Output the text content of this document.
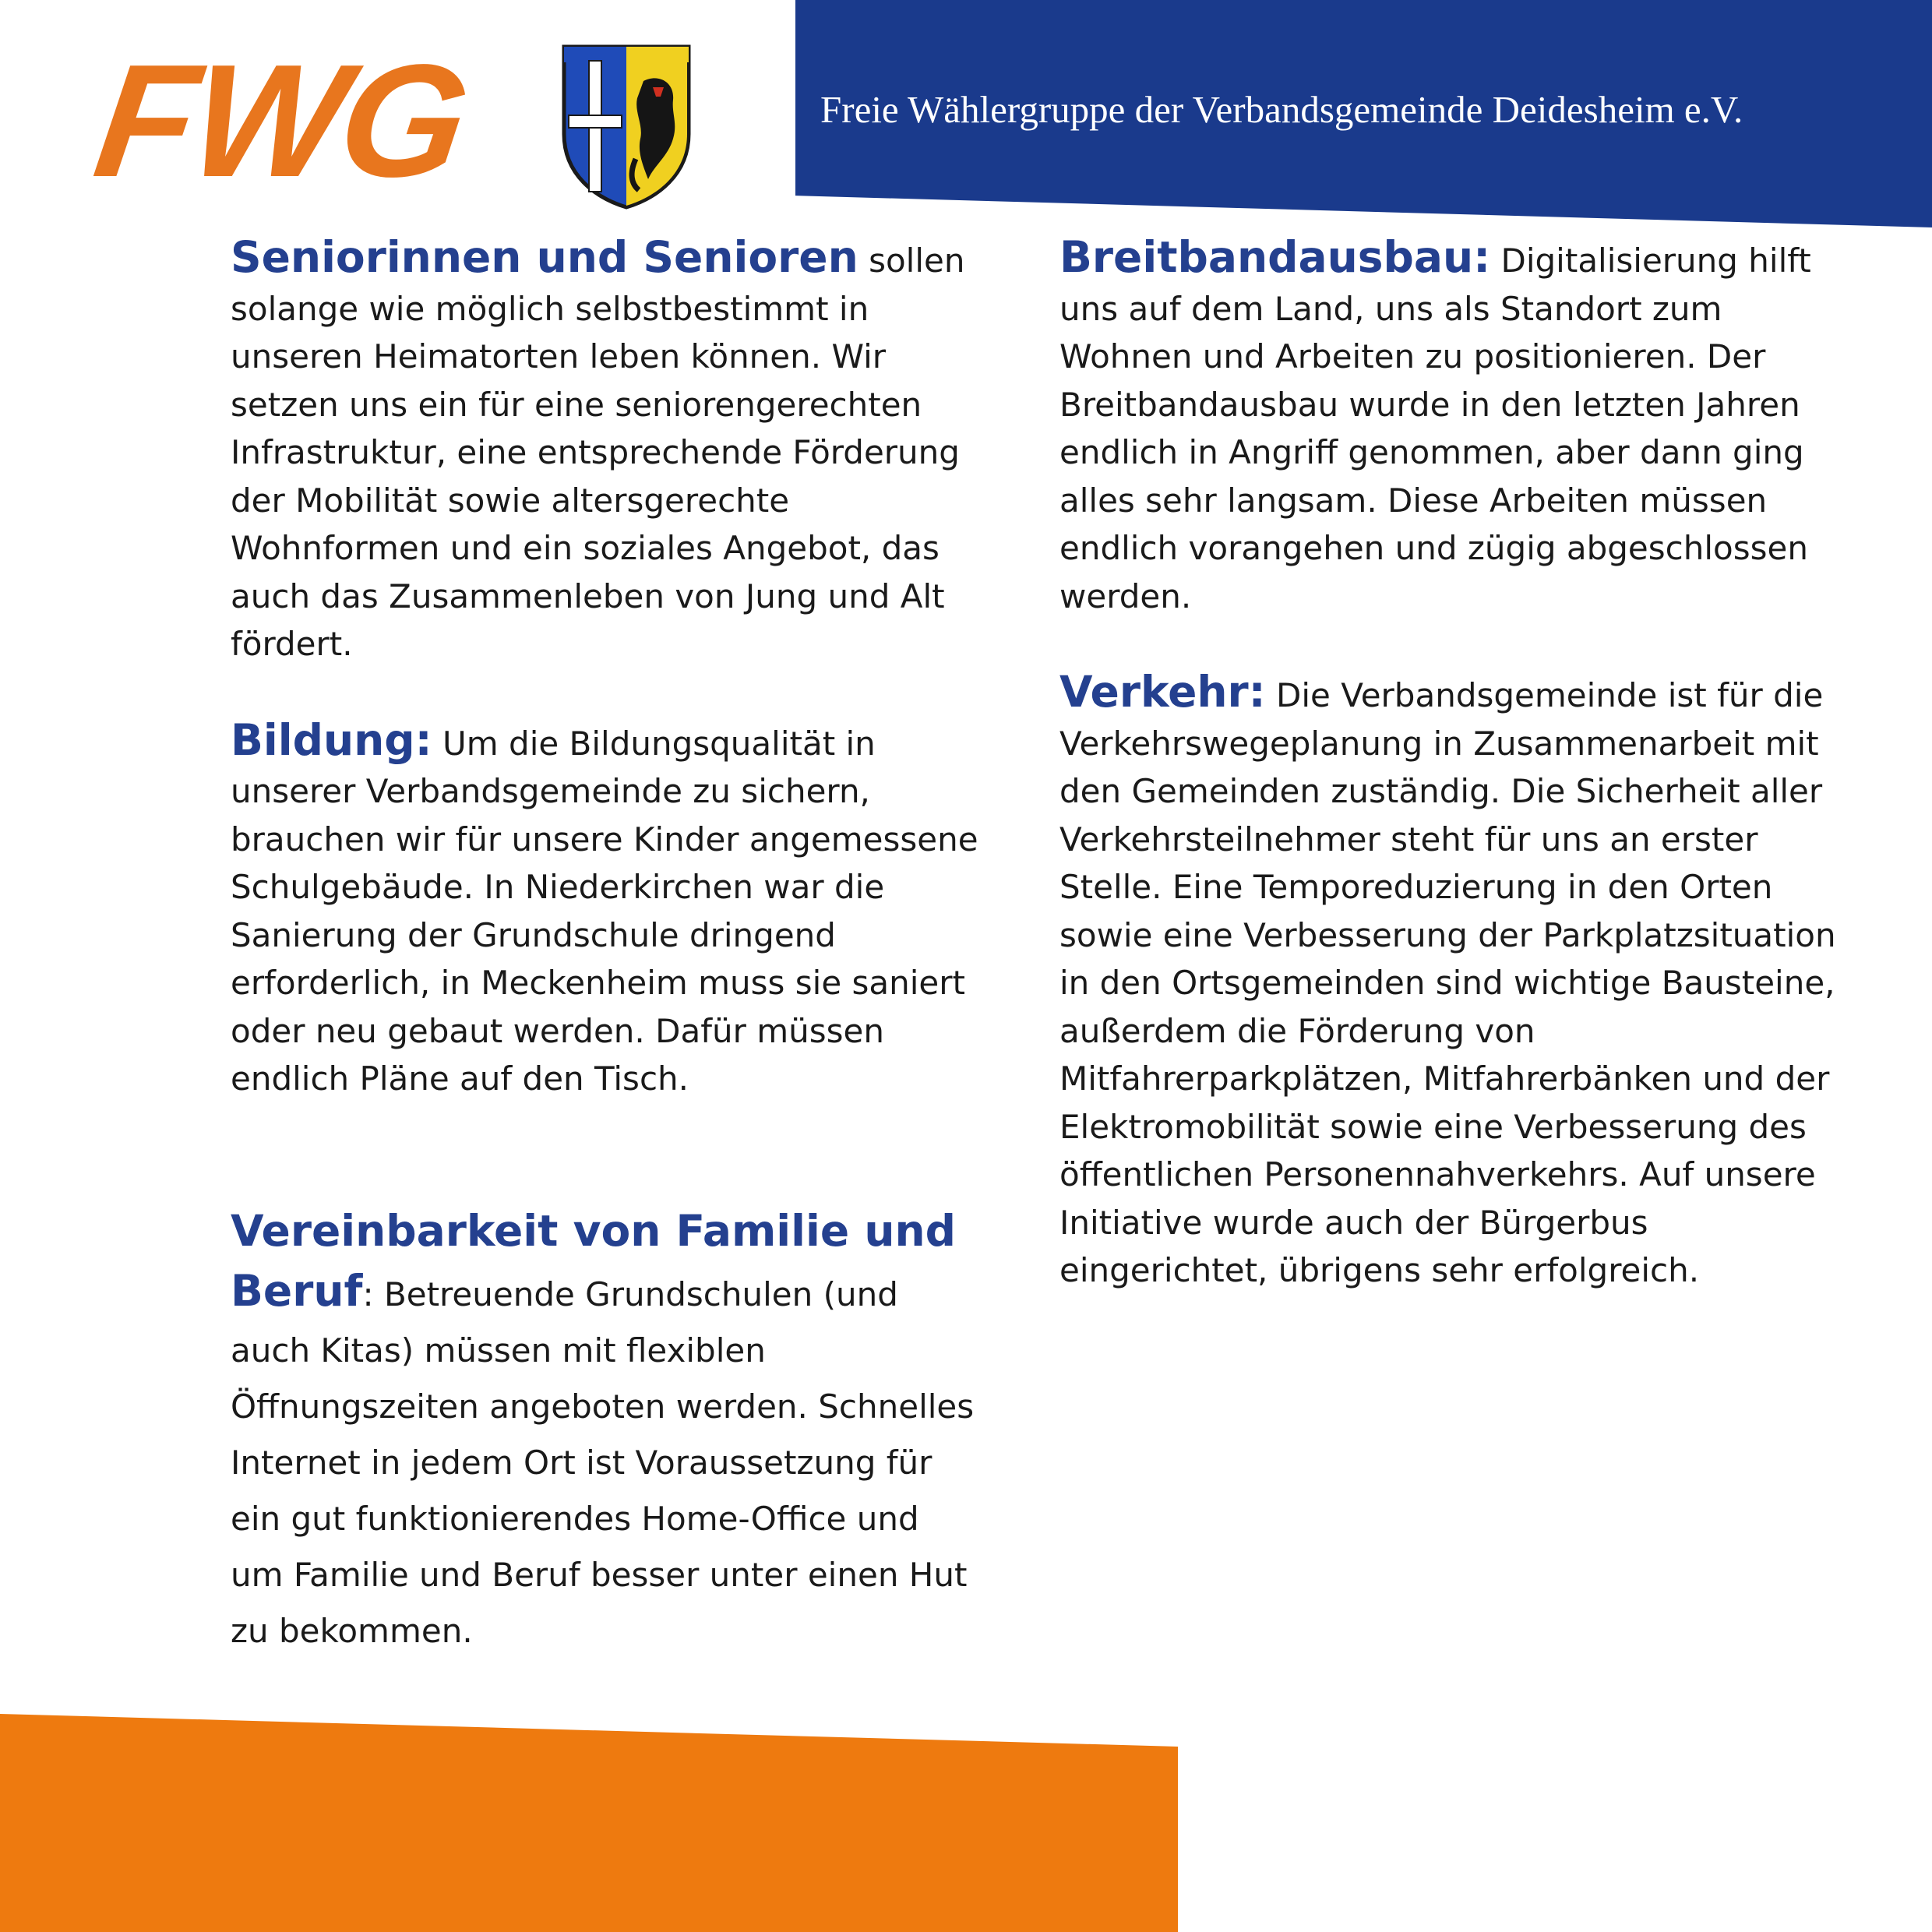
Freie Wählergruppe der Verbandsgemeinde Deidesheim e.V.
FWG

Seniorinnen und Senioren sollen solange wie möglich selbstbestimmt in unseren Heimatorten leben können. Wir setzen uns ein für eine seniorengerechten Infrastruktur, eine entsprechende Förderung der Mobilität sowie altersgerechte Wohnformen und ein soziales Angebot, das auch das Zusammenleben von Jung und Alt fördert.

Bildung: Um die Bildungsqualität in unserer Verbandsgemeinde zu sichern, brauchen wir für unsere Kinder angemessene Schulgebäude. In Niederkirchen war die Sanierung der Grundschule dringend erforderlich, in Meckenheim muss sie saniert oder neu gebaut werden. Dafür müssen endlich Pläne auf den Tisch.

Vereinbarkeit von Familie und Beruf: Betreuende Grundschulen (und auch Kitas) müssen mit flexiblen Öffnungszeiten angeboten werden. Schnelles Internet in jedem Ort ist Voraussetzung für ein gut funktionierendes Home-Office und um Familie und Beruf besser unter einen Hut zu bekommen.

Breitbandausbau: Digitalisierung hilft uns auf dem Land, uns als Standort zum Wohnen und Arbeiten zu positionieren. Der Breitbandausbau wurde in den letzten Jahren endlich in Angriff genommen, aber dann ging alles sehr langsam. Diese Arbeiten müssen endlich vorangehen und zügig abgeschlossen werden.

Verkehr: Die Verbandsgemeinde ist für die Verkehrswegeplanung in Zusammenarbeit mit den Gemeinden zuständig. Die Sicherheit aller Verkehrsteilnehmer steht für uns an erster Stelle. Eine Temporeduzierung in den Orten sowie eine Verbesserung der Parkplatzsituation in den Ortsgemeinden sind wichtige Bausteine, außerdem die Förderung von Mitfahrerparkplätzen, Mitfahrerbänken und der Elektromobilität sowie eine Verbesserung des öffentlichen Personennahverkehrs. Auf unsere Initiative wurde auch der Bürgerbus eingerichtet, übrigens sehr erfolgreich.
